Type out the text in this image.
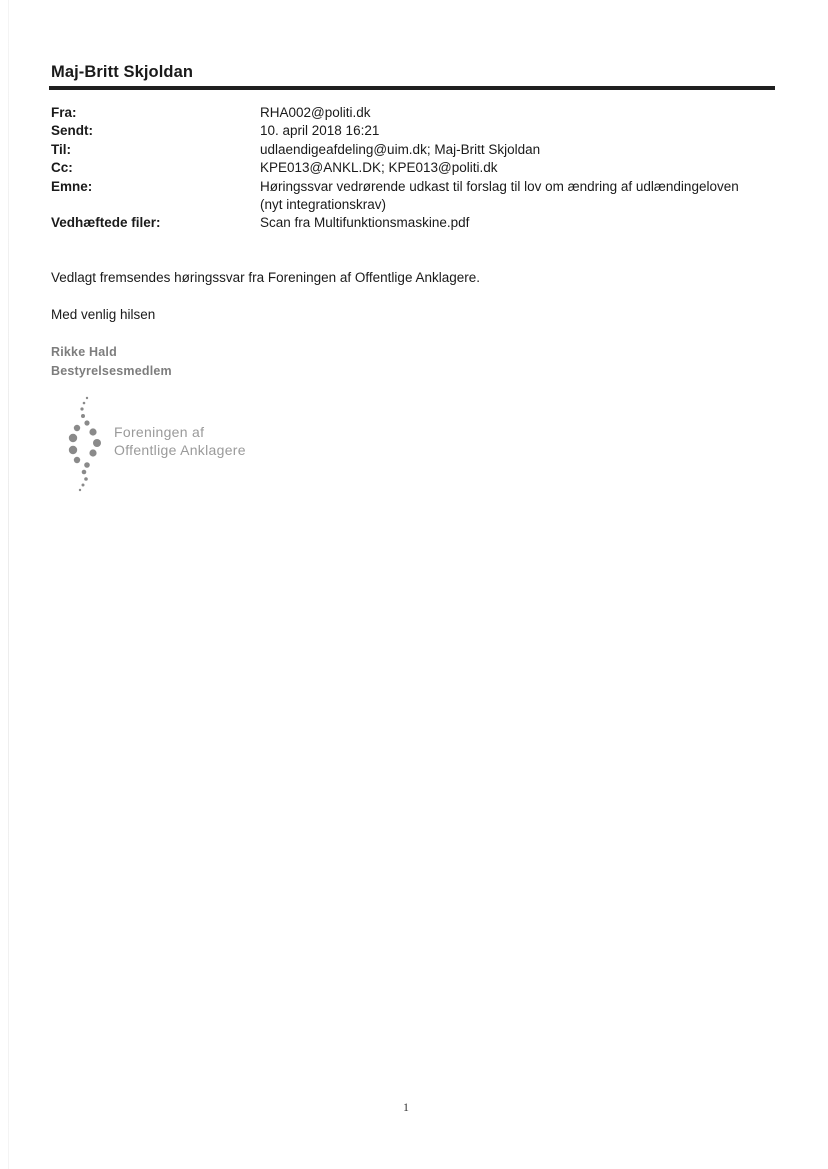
Maj-Britt Skjoldan
Fra:	RHA002@politi.dk
Sendt:	10. april 2018 16:21
Til:	udlaendigeafdeling@uim.dk; Maj-Britt Skjoldan
Cc:	KPE013@ANKL.DK; KPE013@politi.dk
Emne:	Høringssvar vedrørende udkast til forslag til lov om ændring af udlændingeloven
(nyt integrationskrav)
Vedhæftede filer:	Scan fra Multifunktionsmaskine.pdf
Vedlagt fremsendes høringssvar fra Foreningen af Offentlige Anklagere.
Med venlig hilsen
Rikke Hald
Bestyrelsesmedlem
Foreningen af
Offentlige Anklagere
1
